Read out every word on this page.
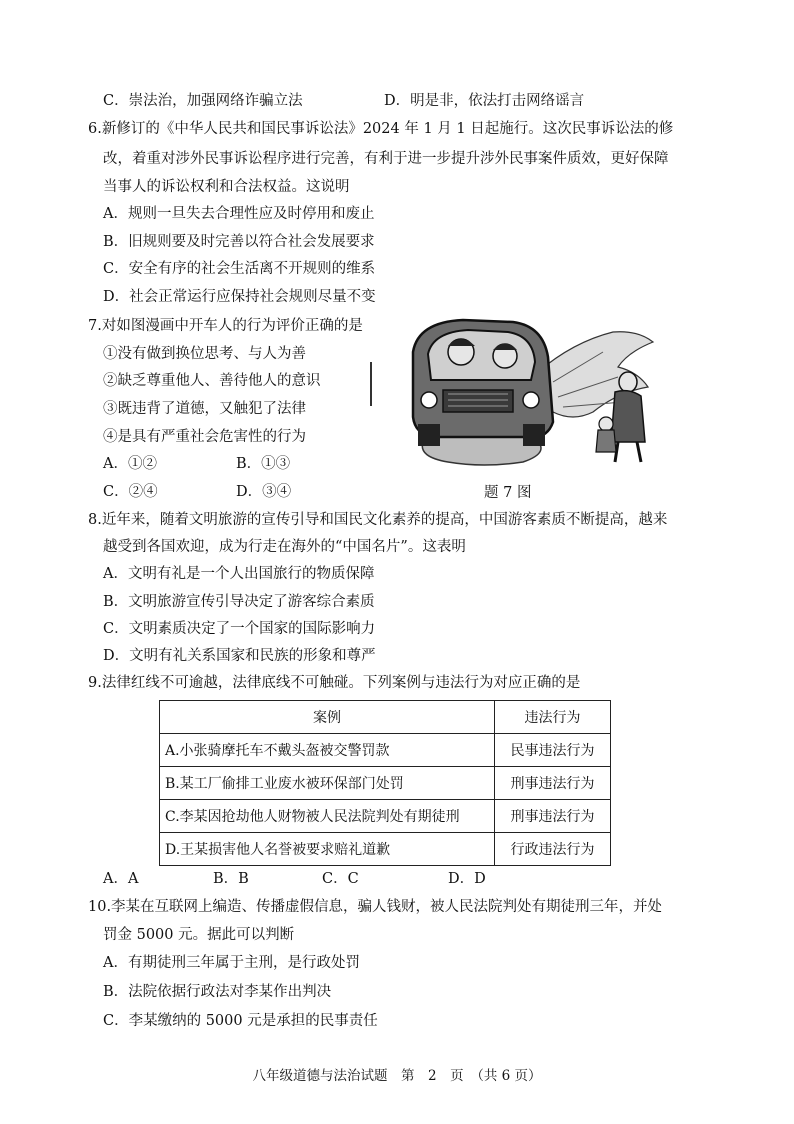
C．崇法治，加强网络诈骗立法	D．明是非，依法打击网络谣言
6.新修订的《中华人民共和国民事诉讼法》2024 年 1 月 1 日起施行。这次民事诉讼法的修
改，着重对涉外民事诉讼程序进行完善，有利于进一步提升涉外民事案件质效，更好保障
当事人的诉讼权利和合法权益。这说明
A．规则一旦失去合理性应及时停用和废止
B．旧规则要及时完善以符合社会发展要求
C．安全有序的社会生活离不开规则的维系
D．社会正常运行应保持社会规则尽量不变
7.对如图漫画中开车人的行为评价正确的是
①没有做到换位思考、与人为善
②缺乏尊重他人、善待他人的意识
③既违背了道德，又触犯了法律
④是具有严重社会危害性的行为
A．①②	B．①③
C．②④	D．③④	题 7 图
8.近年来，随着文明旅游的宣传引导和国民文化素养的提高，中国游客素质不断提高，越来
越受到各国欢迎，成为行走在海外的“中国名片”。这表明
A．文明有礼是一个人出国旅行的物质保障
B．文明旅游宣传引导决定了游客综合素质
C．文明素质决定了一个国家的国际影响力
D．文明有礼关系国家和民族的形象和尊严
9.法律红线不可逾越，法律底线不可触碰。下列案例与违法行为对应正确的是
案例	违法行为
A.小张骑摩托车不戴头盔被交警罚款	民事违法行为
B.某工厂偷排工业废水被环保部门处罚	刑事违法行为
C.李某因抢劫他人财物被人民法院判处有期徒刑	刑事违法行为
D.王某损害他人名誉被要求赔礼道歉	行政违法行为
A．A	B．B	C．C	D．D
10.李某在互联网上编造、传播虚假信息，骗人钱财，被人民法院判处有期徒刑三年，并处
罚金 5000 元。据此可以判断
A．有期徒刑三年属于主刑，是行政处罚
B．法院依据行政法对李某作出判决
C．李某缴纳的 5000 元是承担的民事责任
八年级道德与法治试题　第　2　页　（共 6 页）
